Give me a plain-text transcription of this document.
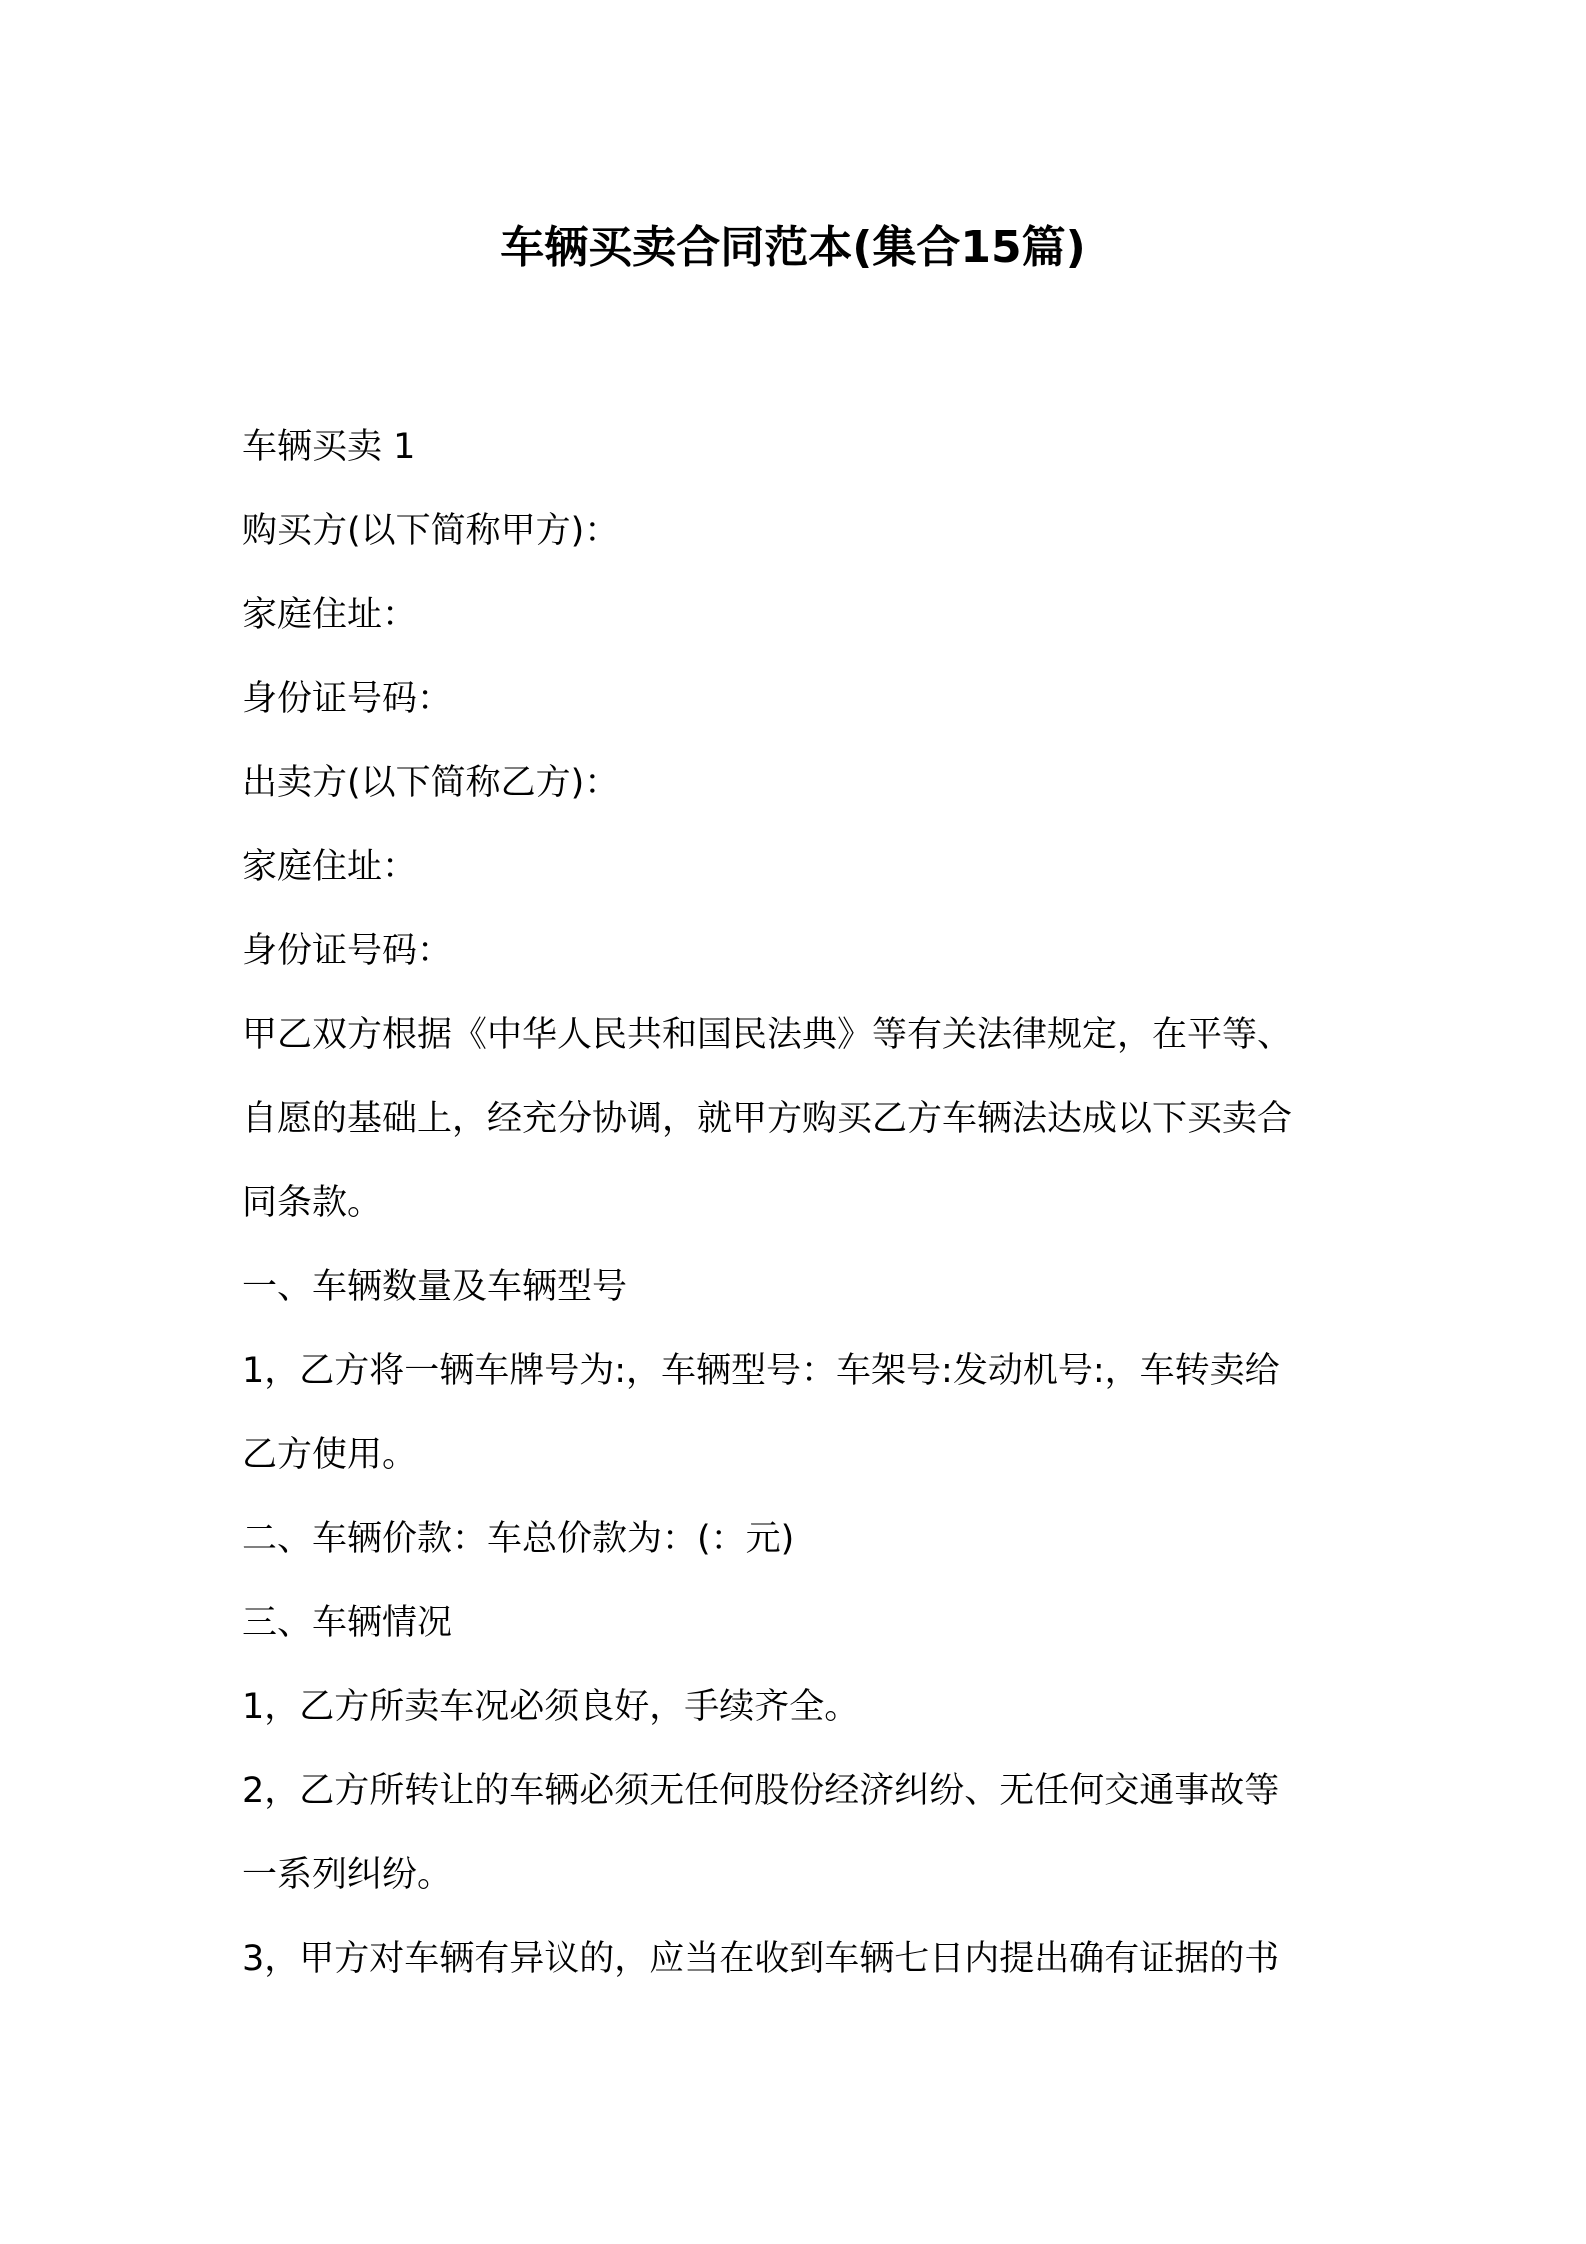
车辆买卖合同范本(集合15篇)
车辆买卖 1
购买方(以下简称甲方)：
家庭住址：
身份证号码：
出卖方(以下简称乙方)：
家庭住址：
身份证号码：
甲乙双方根据《中华人民共和国民法典》等有关法律规定，在平等、
自愿的基础上，经充分协调，就甲方购买乙方车辆法达成以下买卖合
同条款。
一、车辆数量及车辆型号
1，乙方将一辆车牌号为:，车辆型号：车架号:发动机号:，车转卖给
乙方使用。
二、车辆价款：车总价款为：(：元)
三、车辆情况
1，乙方所卖车况必须良好，手续齐全。
2，乙方所转让的车辆必须无任何股份经济纠纷、无任何交通事故等
一系列纠纷。
3，甲方对车辆有异议的，应当在收到车辆七日内提出确有证据的书
